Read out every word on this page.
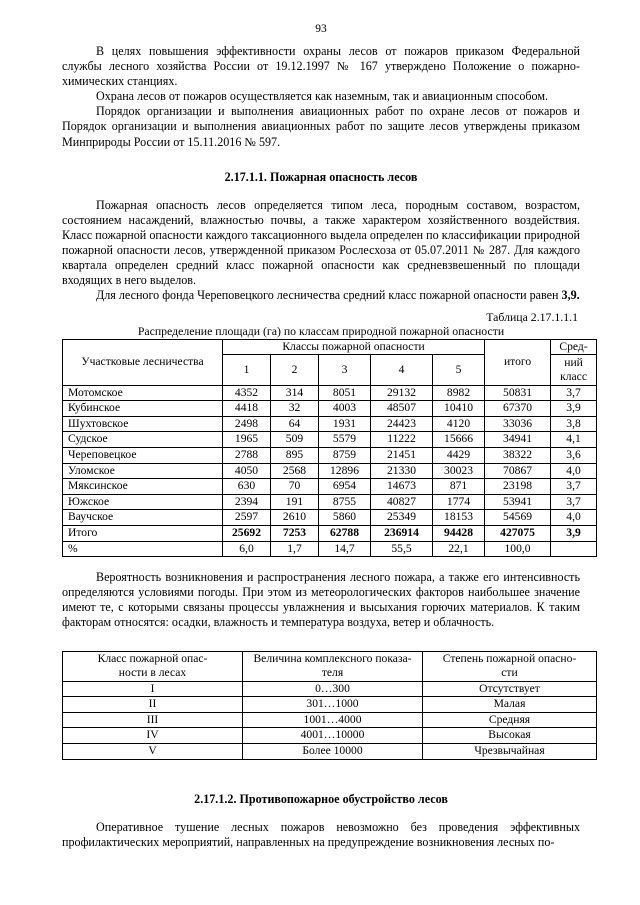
93

В целях повышения эффективности охраны лесов от пожаров приказом Федеральной службы лесного хозяйства России от 19.12.1997 № 167 утверждено Положение о пожарно-химических станциях.

Охрана лесов от пожаров осуществляется как наземным, так и авиационным способом.

Порядок организации и выполнения авиационных работ по охране лесов от пожаров и Порядок организации и выполнения авиационных работ по защите лесов утверждены приказом Минприроды России от 15.11.2016 № 597.

2.17.1.1. Пожарная опасность лесов

Пожарная опасность лесов определяется типом леса, породным составом, возрастом, состоянием насаждений, влажностью почвы, а также характером хозяйственного воздействия. Класс пожарной опасности каждого таксационного выдела определен по классификации природной пожарной опасности лесов, утвержденной приказом Рослесхоза от 05.07.2011 № 287. Для каждого квартала определен средний класс пожарной опасности как средневзвешенный по площади входящих в него выделов.

Для лесного фонда Череповецкого лесничества средний класс пожарной опасности равен 3,9.

Таблица 2.17.1.1.1
Распределение площади (га) по классам природной пожарной опасности
Участковые лесничества	Классы пожарной опасности					итого	Сред-
	1	2	3	4	5		ний
							класс
Мотомское	4352	314	8051	29132	8982	50831	3,7
Кубинское	4418	32	4003	48507	10410	67370	3,9
Шухтовское	2498	64	1931	24423	4120	33036	3,8
Судское	1965	509	5579	11222	15666	34941	4,1
Череповецкое	2788	895	8759	21451	4429	38322	3,6
Уломское	4050	2568	12896	21330	30023	70867	4,0
Мяксинское	630	70	6954	14673	871	23198	3,7
Южское	2394	191	8755	40827	1774	53941	3,7
Ваучское	2597	2610	5860	25349	18153	54569	4,0
Итого	25692	7253	62788	236914	94428	427075	3,9
%	6,0	1,7	14,7	55,5	22,1	100,0	

Вероятность возникновения и распространения лесного пожара, а также его интенсивность определяются условиями погоды. При этом из метеорологических факторов наибольшее значение имеют те, с которыми связаны процессы увлажнения и высыхания горючих материалов. К таким факторам относятся: осадки, влажность и температура воздуха, ветер и облачность.

Класс пожарной опас-	Величина комплексного показа-	Степень пожарной опасно-
ности в лесах	теля	сти
I	0…300	Отсутствует
II	301…1000	Малая
III	1001…4000	Средняя
IV	4001…10000	Высокая
V	Более 10000	Чрезвычайная
2.17.1.2. Противопожарное обустройство лесов

Оперативное тушение лесных пожаров невозможно без проведения эффективных профилактических мероприятий, направленных на предупреждение возникновения лесных по-
